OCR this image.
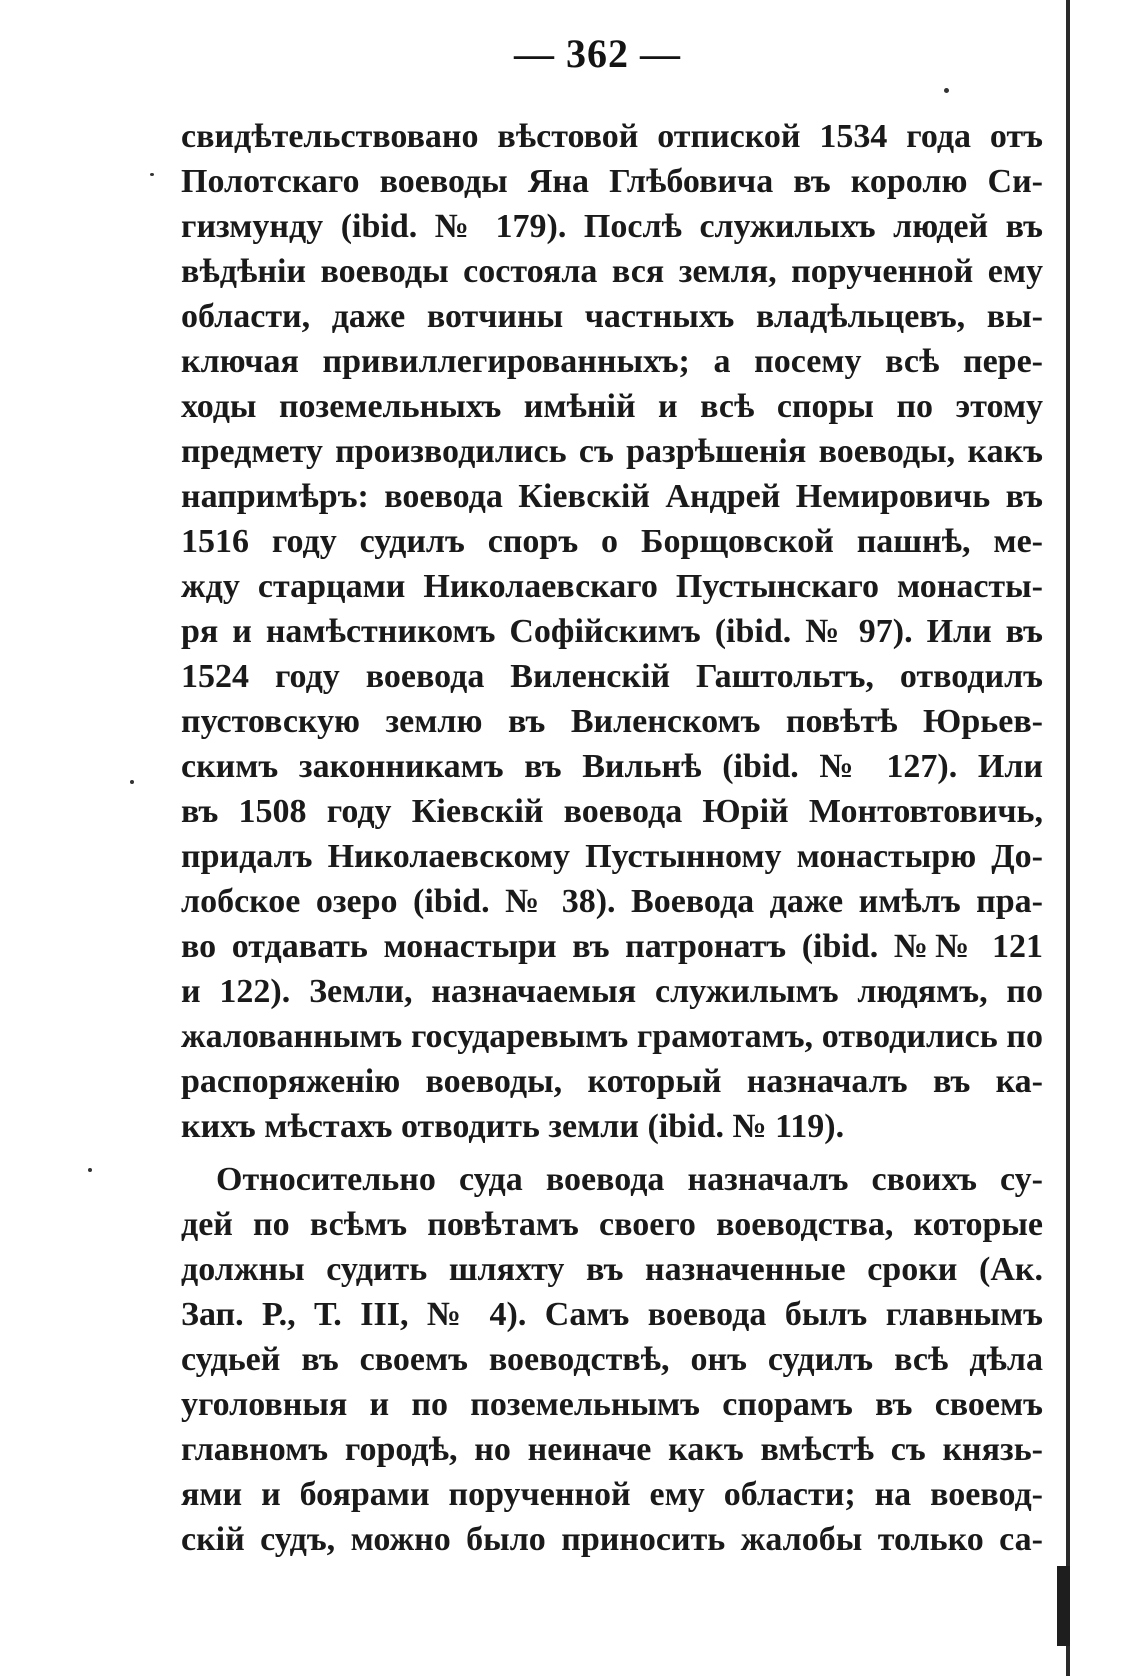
— 362 —
свидѣтельствовано вѣстовой отпиской 1534 года отъ
Полотскаго воеводы Яна Глѣбовича въ королю Си-
гизмунду (ibid. № 179). Послѣ служилыхъ людей въ
вѣдѣніи воеводы состояла вся земля, порученной ему
области, даже вотчины частныхъ владѣльцевъ, вы-
ключая привиллегированныхъ; а посему всѣ пере-
ходы поземельныхъ имѣній и всѣ споры по этому
предмету производились съ разрѣшенія воеводы, какъ
напримѣръ: воевода Кіевскій Андрей Немировичь въ
1516 году судилъ споръ о Борщовской пашнѣ, ме-
жду старцами Николаевскаго Пустынскаго монасты-
ря и намѣстникомъ Софійскимъ (ibid. № 97). Или въ
1524 году воевода Виленскій Гаштольтъ, отводилъ
пустовскую землю въ Виленскомъ повѣтѣ Юрьев-
скимъ законникамъ въ Вильнѣ (ibid. № 127). Или
въ 1508 году Кіевскій воевода Юрій Монтовтовичь,
придалъ Николаевскому Пустынному монастырю До-
лобское озеро (ibid. № 38). Воевода даже имѣлъ пра-
во отдавать монастыри въ патронатъ (ibid. №№ 121
и 122). Земли, назначаемыя служилымъ людямъ, по
жалованнымъ государевымъ грамотамъ, отводились по
распоряженію воеводы, который назначалъ въ ка-
кихъ мѣстахъ отводить земли (ibid. № 119).
Относительно суда воевода назначалъ своихъ су-
дей по всѣмъ повѣтамъ своего воеводства, которые
должны судить шляхту въ назначенные сроки (Ак.
Зап. Р., Т. III, № 4). Самъ воевода былъ главнымъ
судьей въ своемъ воеводствѣ, онъ судилъ всѣ дѣла
уголовныя и по поземельнымъ спорамъ въ своемъ
главномъ городѣ, но неиначе какъ вмѣстѣ съ князь-
ями и боярами порученной ему области; на воевод-
скій судъ, можно было приносить жалобы только са-
